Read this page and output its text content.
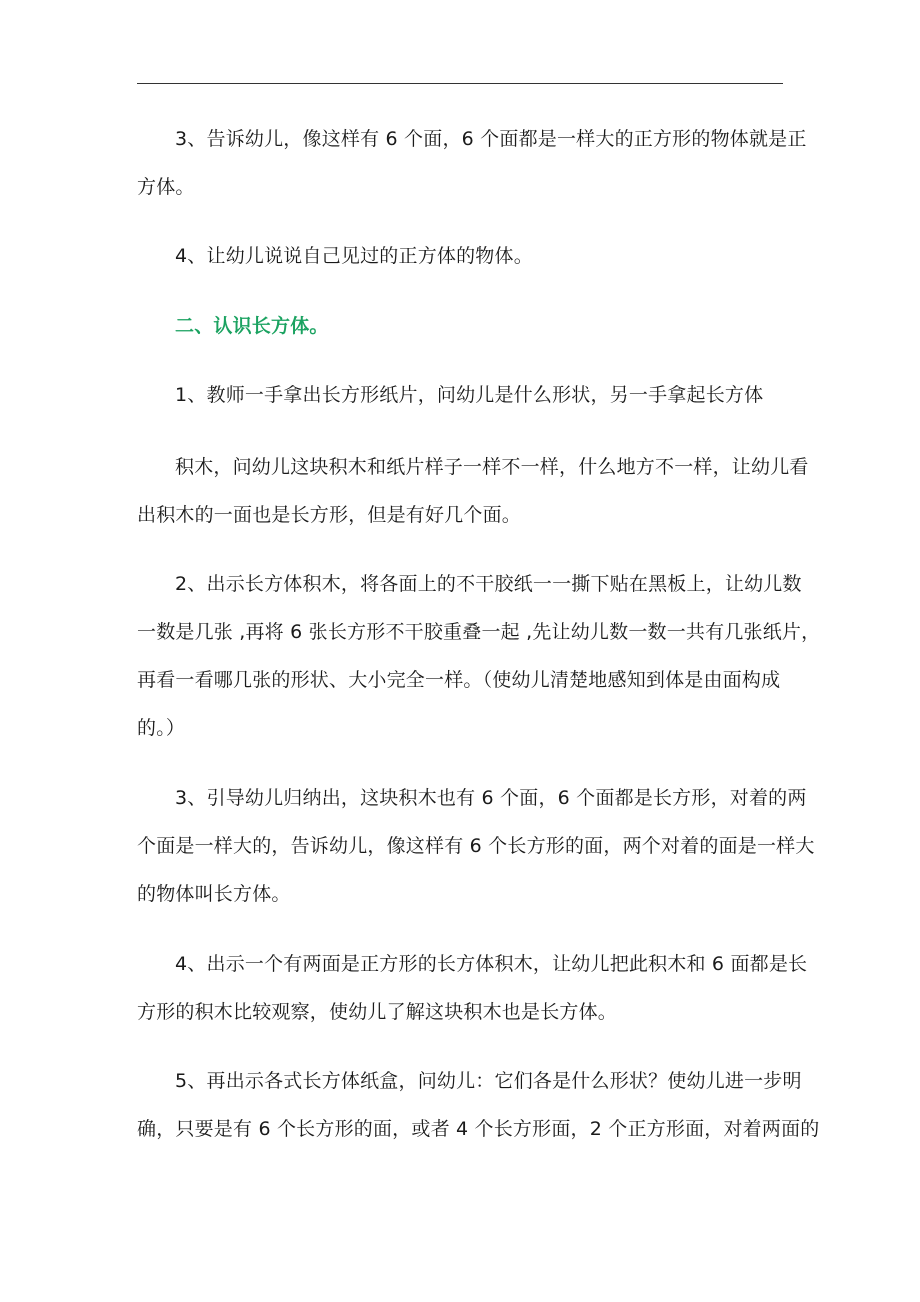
3、告诉幼儿，像这样有 6 个面，6 个面都是一样大的正方形的物体就是正

方体。

4、让幼儿说说自己见过的正方体的物体。

二、认识长方体。

1、教师一手拿出长方形纸片，问幼儿是什么形状，另一手拿起长方体

积木，问幼儿这块积木和纸片样子一样不一样，什么地方不一样，让幼儿看

出积木的一面也是长方形，但是有好几个面。

2、出示长方体积木，将各面上的不干胶纸一一撕下贴在黑板上，让幼儿数

一数是几张 ,再将 6 张长方形不干胶重叠一起 ,先让幼儿数一数一共有几张纸片，

再看一看哪几张的形状、大小完全一样。（使幼儿清楚地感知到体是由面构成

的。）

3、引导幼儿归纳出，这块积木也有 6 个面，6 个面都是长方形，对着的两

个面是一样大的，告诉幼儿，像这样有 6 个长方形的面，两个对着的面是一样大

的物体叫长方体。

4、出示一个有两面是正方形的长方体积木，让幼儿把此积木和 6 面都是长

方形的积木比较观察，使幼儿了解这块积木也是长方体。

5、再出示各式长方体纸盒，问幼儿：它们各是什么形状？使幼儿进一步明

确，只要是有 6 个长方形的面，或者 4 个长方形面，2 个正方形面，对着两面的
